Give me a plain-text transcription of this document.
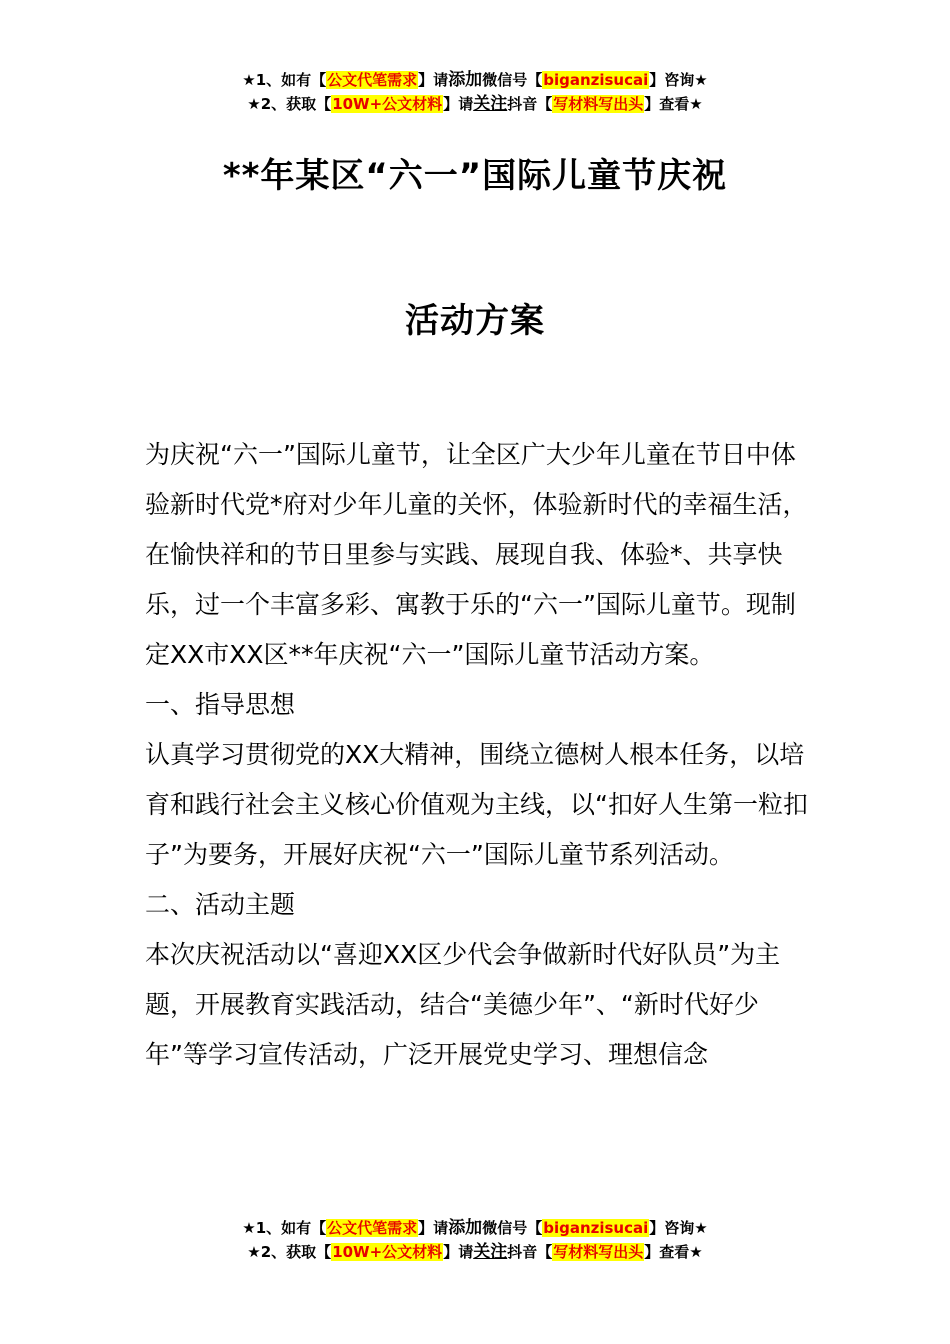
★1、如有【公文代笔需求】请添加微信号【biganzisucai】咨询★
★2、获取【10W+公文材料】请关注抖音【写材料写出头】查看★
**年某区“六一”国际儿童节庆祝
活动方案

为庆祝“六一”国际儿童节，让全区广大少年儿童在节日中体验新时代党*府对少年儿童的关怀，体验新时代的幸福生活，在愉快祥和的节日里参与实践、展现自我、体验*、共享快乐，过一个丰富多彩、寓教于乐的“六一”国际儿童节。现制定XX市XX区**年庆祝“六一”国际儿童节活动方案。

一、指导思想

认真学习贯彻党的XX大精神，围绕立德树人根本任务，以培育和践行社会主义核心价值观为主线，以“扣好人生第一粒扣子”为要务，开展好庆祝“六一”国际儿童节系列活动。

二、活动主题

本次庆祝活动以“喜迎XX区少代会争做新时代好队员”为主题，开展教育实践活动，结合“美德少年”、“新时代好少年”等学习宣传活动，广泛开展党史学习、理想信念

★1、如有【公文代笔需求】请添加微信号【biganzisucai】咨询★
★2、获取【10W+公文材料】请关注抖音【写材料写出头】查看★
